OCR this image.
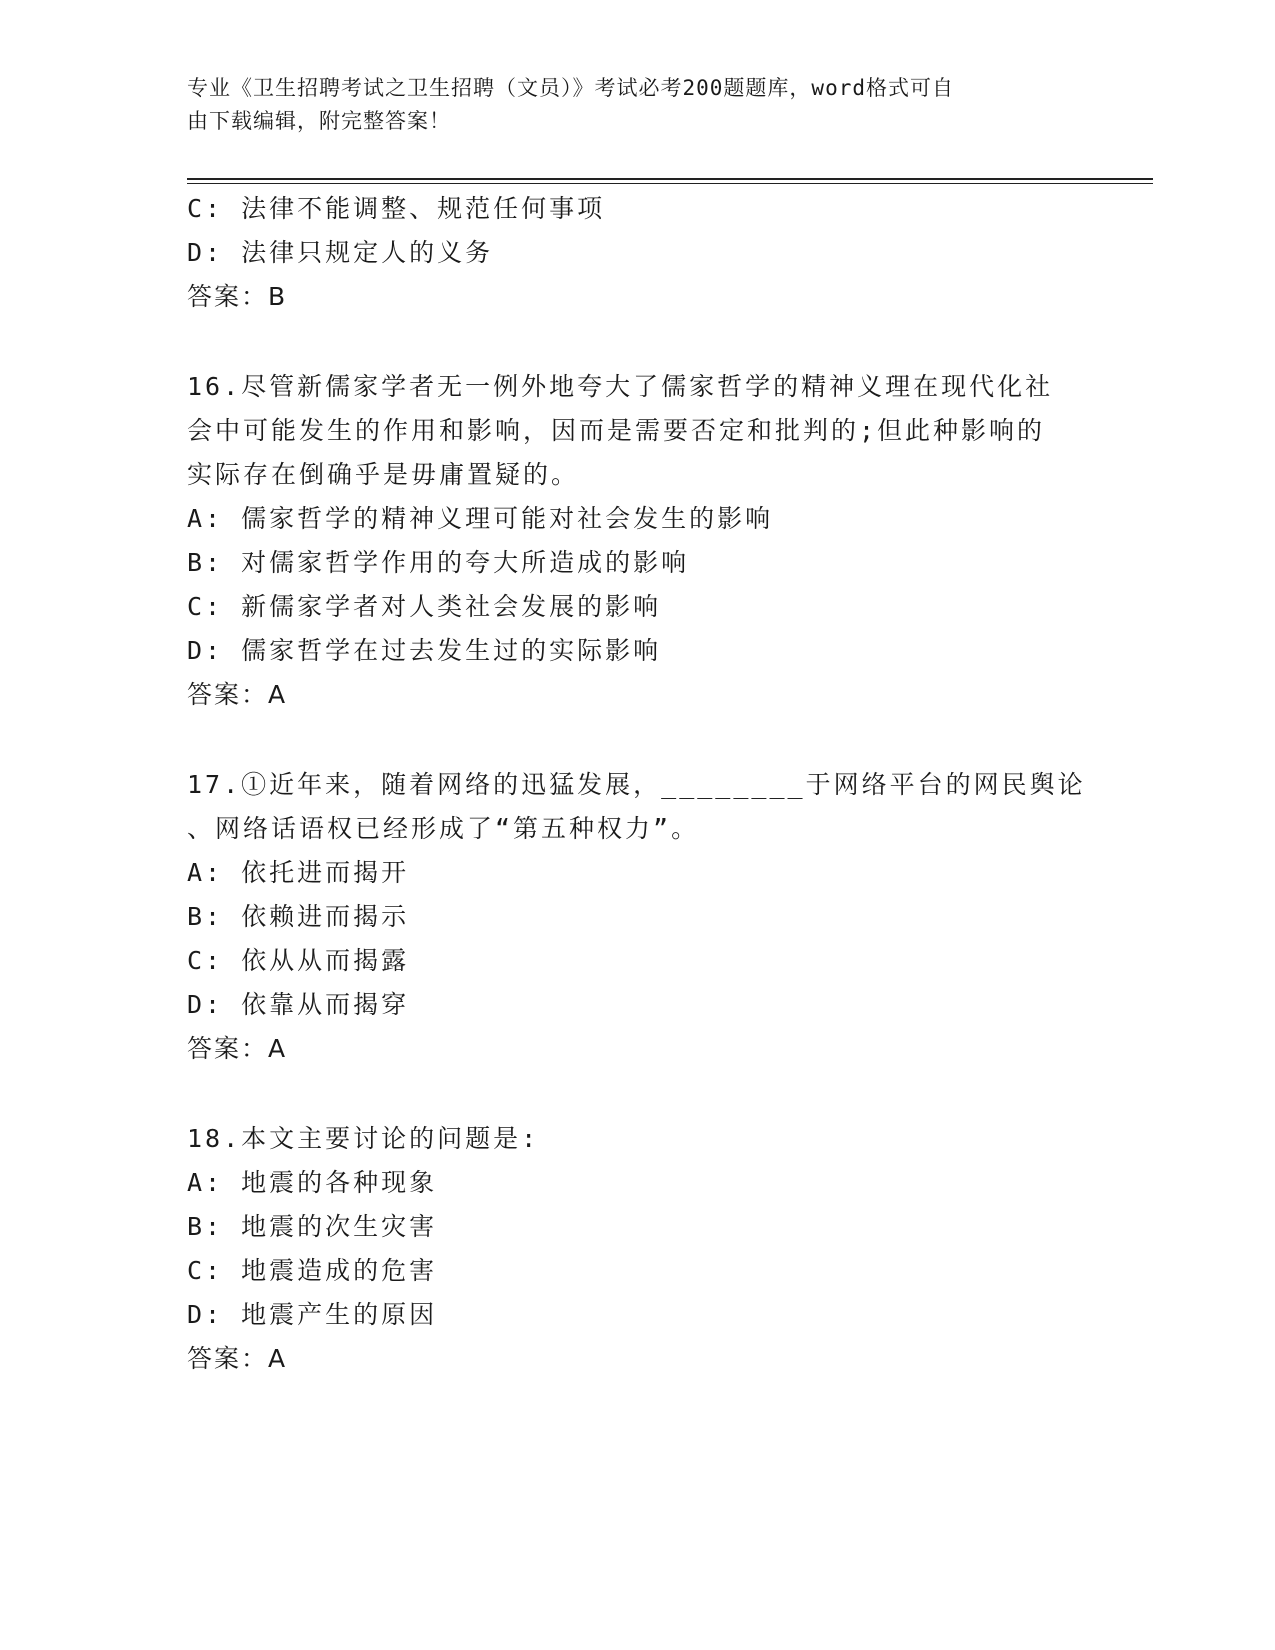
专业《卫生招聘考试之卫生招聘（文员）》考试必考200题题库，word格式可自
由下载编辑，附完整答案！
C: 法律不能调整、规范任何事项
D: 法律只规定人的义务
答案：B
16.尽管新儒家学者无一例外地夸大了儒家哲学的精神义理在现代化社
会中可能发生的作用和影响，因而是需要否定和批判的;但此种影响的
实际存在倒确乎是毋庸置疑的。
A: 儒家哲学的精神义理可能对社会发生的影响
B: 对儒家哲学作用的夸大所造成的影响
C: 新儒家学者对人类社会发展的影响
D: 儒家哲学在过去发生过的实际影响
答案：A
17.①近年来，随着网络的迅猛发展，________于网络平台的网民舆论
、网络话语权已经形成了“第五种权力”。
A: 依托进而揭开
B: 依赖进而揭示
C: 依从从而揭露
D: 依靠从而揭穿
答案：A
18.本文主要讨论的问题是:
A: 地震的各种现象
B: 地震的次生灾害
C: 地震造成的危害
D: 地震产生的原因
答案：A
